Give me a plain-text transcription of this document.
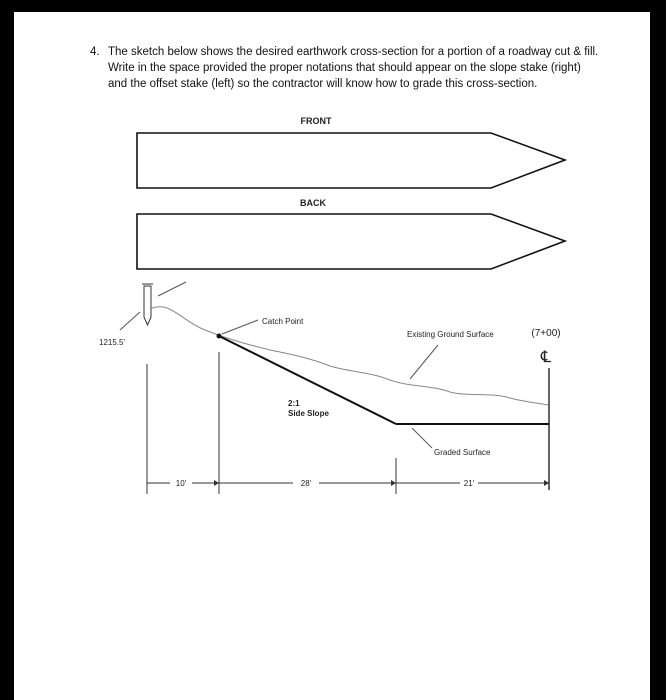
4. The sketch below shows the desired earthwork cross-section for a portion of a roadway cut & fill. Write in the space provided the proper notations that should appear on the slope stake (right) and the offset stake (left) so the contractor will know how to grade this cross-section.
FRONT
BACK
1215.5'
Catch Point
2:1
Side Slope
Graded Surface
Existing Ground Surface	(7+00)
℄
10'	28'	21'
